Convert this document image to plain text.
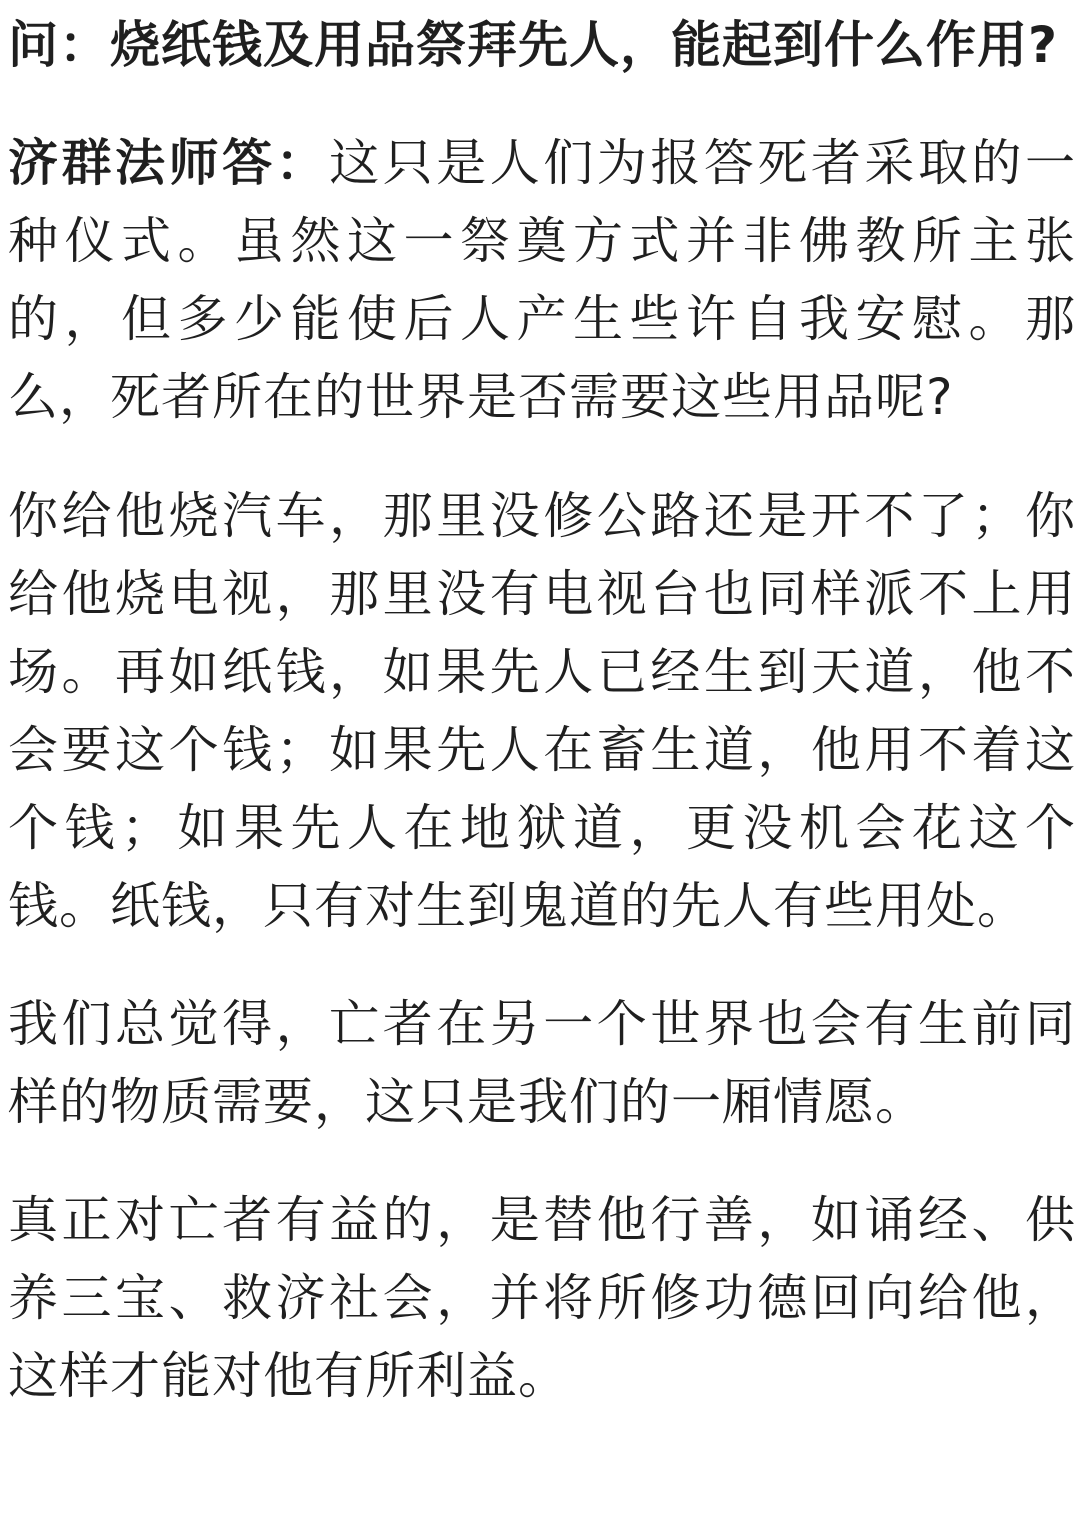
问：烧纸钱及用品祭拜先人，能起到什么作用?

济群法师答：这只是人们为报答死者采取的一种仪式。虽然这一祭奠方式并非佛教所主张的，但多少能使后人产生些许自我安慰。那么，死者所在的世界是否需要这些用品呢?

你给他烧汽车，那里没修公路还是开不了；你给他烧电视，那里没有电视台也同样派不上用场。再如纸钱，如果先人已经生到天道，他不会要这个钱；如果先人在畜生道，他用不着这个钱；如果先人在地狱道，更没机会花这个钱。纸钱，只有对生到鬼道的先人有些用处。

我们总觉得，亡者在另一个世界也会有生前同样的物质需要，这只是我们的一厢情愿。

真正对亡者有益的，是替他行善，如诵经、供养三宝、救济社会，并将所修功德回向给他，这样才能对他有所利益。
